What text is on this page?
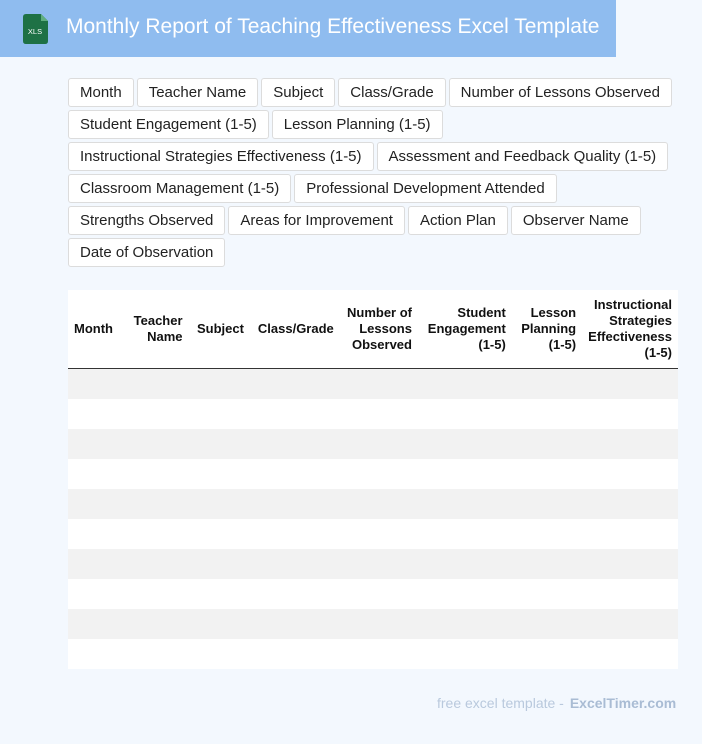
XLS Monthly Report of Teaching Effectiveness Excel Template
Month	Teacher Name	Subject	Class/Grade	Number of Lessons Observed
Student Engagement (1-5)	Lesson Planning (1-5)
Instructional Strategies Effectiveness (1-5)	Assessment and Feedback Quality (1-5)
Classroom Management (1-5)	Professional Development Attended
Strengths Observed	Areas for Improvement	Action Plan	Observer Name
Date of Observation
Month	Teacher Name	Subject	Class/Grade	Number of Lessons Observed	Student Engagement (1-5)	Lesson Planning (1-5)	Instructional Strategies Effectiveness (1-5)

free excel template - ExcelTimer.com
